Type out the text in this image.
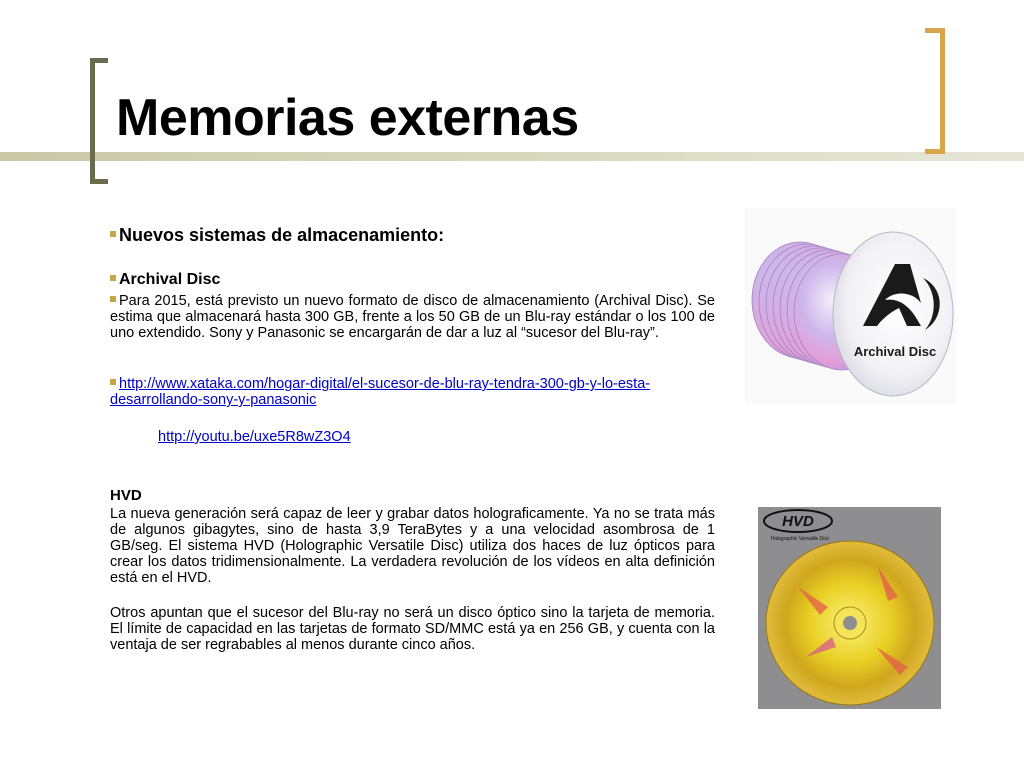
Memorias externas
Nuevos sistemas de almacenamiento:
Archival Disc
Para 2015, está previsto un nuevo formato de disco de almacenamiento (Archival Disc). Se estima que almacenará hasta 300 GB, frente a los 50 GB de un Blu-ray estándar o los 100 de uno extendido. Sony y Panasonic se encargarán de dar a luz al “sucesor del Blu-ray”.
http://www.xataka.com/hogar-digital/el-sucesor-de-blu-ray-tendra-300-gb-y-lo-esta-desarrollando-sony-y-panasonic
http://youtu.be/uxe5R8wZ3O4
HVD
La nueva generación será capaz de leer y grabar datos holograficamente. Ya no se trata más de algunos gibagytes, sino de hasta 3,9 TeraBytes y a una velocidad asombrosa de 1 GB/seg. El sistema HVD (Holographic Versatile Disc) utiliza dos haces de luz ópticos para crear los datos tridimensionalmente. La verdadera revolución de los vídeos en alta definición está en el HVD.
Otros apuntan que el sucesor del Blu-ray no será un disco óptico sino la tarjeta de memoria. El límite de capacidad en las tarjetas de formato SD/MMC está ya en 256 GB, y cuenta con la ventaja de ser regrabables al menos durante cinco años.
Archival Disc
HVD
Holographic Versatile Disc
